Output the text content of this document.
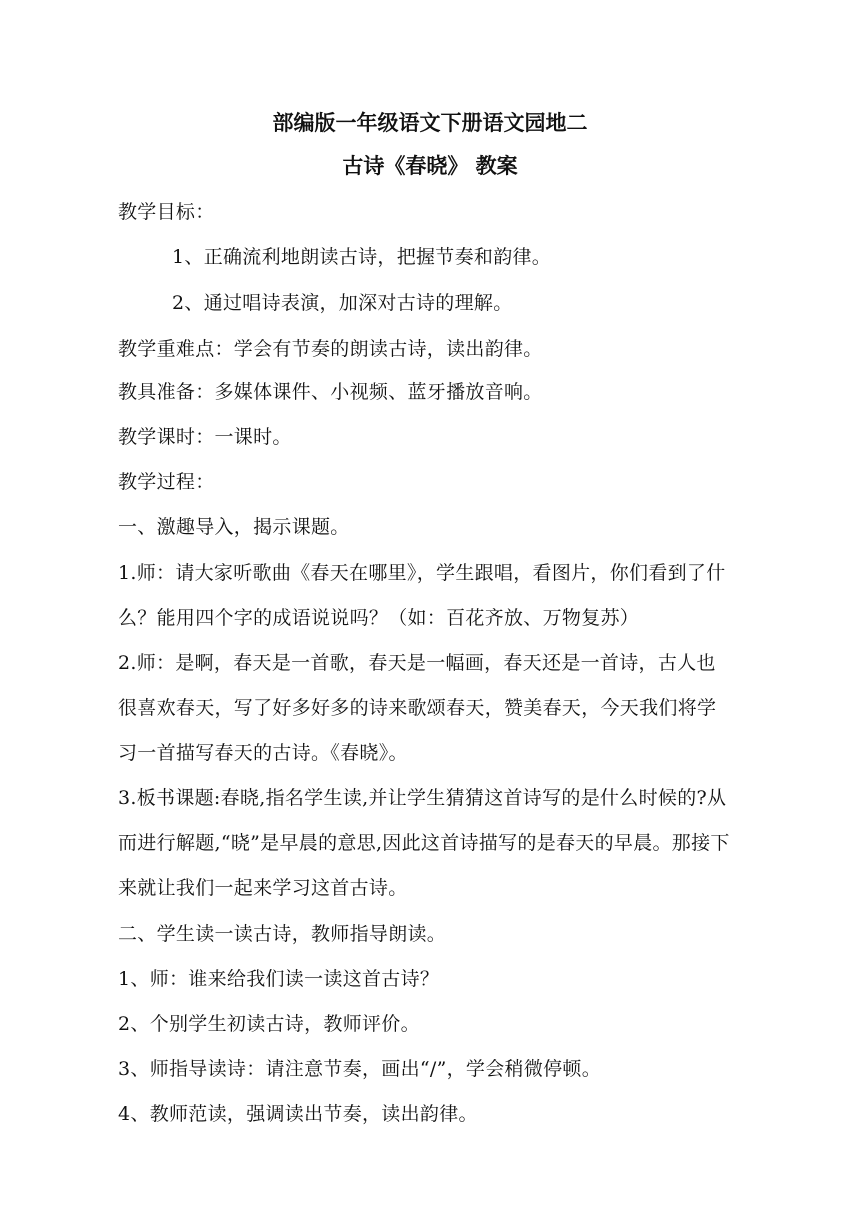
部编版一年级语文下册语文园地二
古诗《春晓》 教案
教学目标：
1、正确流利地朗读古诗，把握节奏和韵律。
2、通过唱诗表演，加深对古诗的理解。
教学重难点：学会有节奏的朗读古诗，读出韵律。
教具准备：多媒体课件、小视频、蓝牙播放音响。
教学课时：一课时。
教学过程：
一、激趣导入，揭示课题。
1.师：请大家听歌曲《春天在哪里》，学生跟唱，看图片，你们看到了什
么？能用四个字的成语说说吗？（如：百花齐放、万物复苏）
2.师：是啊，春天是一首歌，春天是一幅画，春天还是一首诗，古人也
很喜欢春天，写了好多好多的诗来歌颂春天，赞美春天，今天我们将学
习一首描写春天的古诗。《春晓》。
3.板书课题:春晓,指名学生读,并让学生猜猜这首诗写的是什么时候的?从
而进行解题,“晓”是早晨的意思,因此这首诗描写的是春天的早晨。那接下
来就让我们一起来学习这首古诗。
二、学生读一读古诗，教师指导朗读。
1、师：谁来给我们读一读这首古诗？
2、个别学生初读古诗，教师评价。
3、师指导读诗：请注意节奏，画出“/”，学会稍微停顿。
4、教师范读，强调读出节奏，读出韵律。
